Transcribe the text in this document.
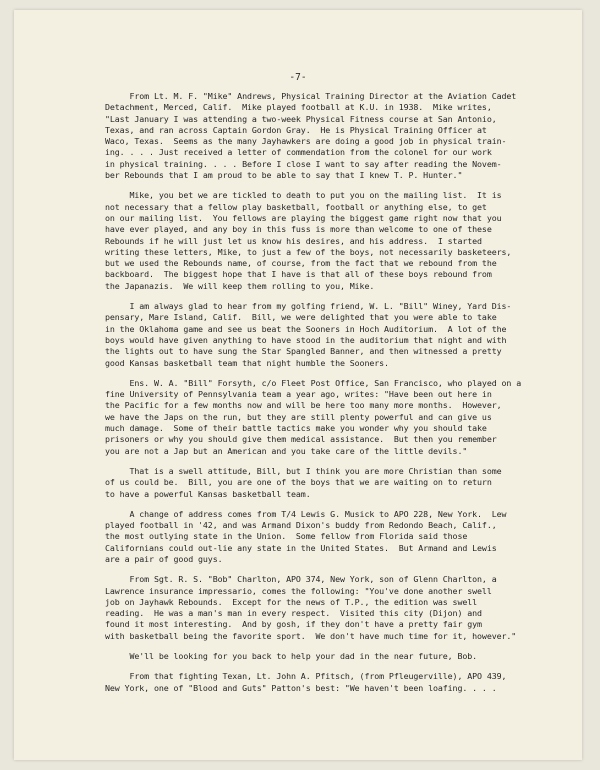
-7-
From Lt. M. F. "Mike" Andrews, Physical Training Director at the Aviation Cadet
Detachment, Merced, Calif.  Mike played football at K.U. in 1938.  Mike writes,
"Last January I was attending a two-week Physical Fitness course at San Antonio,
Texas, and ran across Captain Gordon Gray.  He is Physical Training Officer at
Waco, Texas.  Seems as the many Jayhawkers are doing a good job in physical train-
ing. . . . Just received a letter of commendation from the colonel for our work
in physical training. . . . Before I close I want to say after reading the Novem-
ber Rebounds that I am proud to be able to say that I knew T. P. Hunter."
Mike, you bet we are tickled to death to put you on the mailing list.  It is
not necessary that a fellow play basketball, football or anything else, to get
on our mailing list.  You fellows are playing the biggest game right now that you
have ever played, and any boy in this fuss is more than welcome to one of these
Rebounds if he will just let us know his desires, and his address.  I started
writing these letters, Mike, to just a few of the boys, not necessarily basketeers,
but we used the Rebounds name, of course, from the fact that we rebound from the
backboard.  The biggest hope that I have is that all of these boys rebound from
the Japanazis.  We will keep them rolling to you, Mike.
I am always glad to hear from my golfing friend, W. L. "Bill" Winey, Yard Dis-
pensary, Mare Island, Calif.  Bill, we were delighted that you were able to take
in the Oklahoma game and see us beat the Sooners in Hoch Auditorium.  A lot of the
boys would have given anything to have stood in the auditorium that night and with
the lights out to have sung the Star Spangled Banner, and then witnessed a pretty
good Kansas basketball team that night humble the Sooners.
Ens. W. A. "Bill" Forsyth, c/o Fleet Post Office, San Francisco, who played on a
fine University of Pennsylvania team a year ago, writes: "Have been out here in
the Pacific for a few months now and will be here too many more months.  However,
we have the Japs on the run, but they are still plenty powerful and can give us
much damage.  Some of their battle tactics make you wonder why you should take
prisoners or why you should give them medical assistance.  But then you remember
you are not a Jap but an American and you take care of the little devils."
That is a swell attitude, Bill, but I think you are more Christian than some
of us could be.  Bill, you are one of the boys that we are waiting on to return
to have a powerful Kansas basketball team.
A change of address comes from T/4 Lewis G. Musick to APO 228, New York.  Lew
played football in '42, and was Armand Dixon's buddy from Redondo Beach, Calif.,
the most outlying state in the Union.  Some fellow from Florida said those
Californians could out-lie any state in the United States.  But Armand and Lewis
are a pair of good guys.
From Sgt. R. S. "Bob" Charlton, APO 374, New York, son of Glenn Charlton, a
Lawrence insurance impressario, comes the following: "You've done another swell
job on Jayhawk Rebounds.  Except for the news of T.P., the edition was swell
reading.  He was a man's man in every respect.  Visited this city (Dijon) and
found it most interesting.  And by gosh, if they don't have a pretty fair gym
with basketball being the favorite sport.  We don't have much time for it, however."
We'll be looking for you back to help your dad in the near future, Bob.
From that fighting Texan, Lt. John A. Pfitsch, (from Pfleugerville), APO 439,
New York, one of "Blood and Guts" Patton's best: "We haven't been loafing. . . .
